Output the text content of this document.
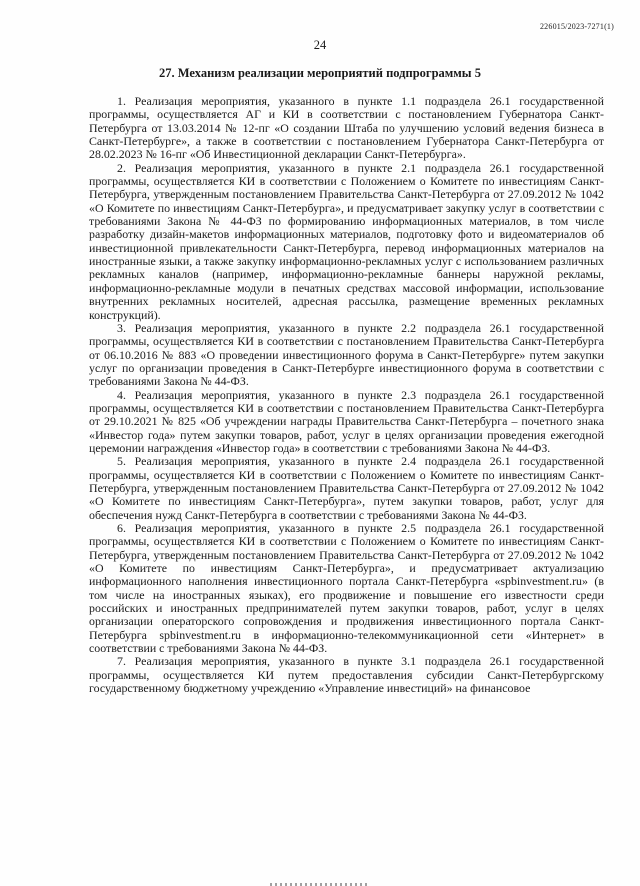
226015/2023-7271(1)
24
27. Механизм реализации мероприятий подпрограммы 5

1. Реализация мероприятия, указанного в пункте 1.1 подраздела 26.1 государственной программы, осуществляется АГ и КИ в соответствии с постановлением Губернатора Санкт-Петербурга от 13.03.2014 № 12-пг «О создании Штаба по улучшению условий ведения бизнеса в Санкт-Петербурге», а также в соответствии с постановлением Губернатора Санкт-Петербурга от 28.02.2023 № 16-пг «Об Инвестиционной декларации Санкт-Петербурга».

2. Реализация мероприятия, указанного в пункте 2.1 подраздела 26.1 государственной программы, осуществляется КИ в соответствии с Положением о Комитете по инвестициям Санкт-Петербурга, утвержденным постановлением Правительства Санкт-Петербурга от 27.09.2012 № 1042 «О Комитете по инвестициям Санкт-Петербурга», и предусматривает закупку услуг в соответствии с требованиями Закона № 44-ФЗ по формированию информационных материалов, в том числе разработку дизайн-макетов информационных материалов, подготовку фото и видеоматериалов об инвестиционной привлекательности Санкт-Петербурга, перевод информационных материалов на иностранные языки, а также закупку информационно-рекламных услуг с использованием различных рекламных каналов (например, информационно-рекламные баннеры наружной рекламы, информационно-рекламные модули в печатных средствах массовой информации, использование внутренних рекламных носителей, адресная рассылка, размещение временных рекламных конструкций).

3. Реализация мероприятия, указанного в пункте 2.2 подраздела 26.1 государственной программы, осуществляется КИ в соответствии с постановлением Правительства Санкт-Петербурга от 06.10.2016 № 883 «О проведении инвестиционного форума в Санкт-Петербурге» путем закупки услуг по организации проведения в Санкт-Петербурге инвестиционного форума в соответствии с требованиями Закона № 44-ФЗ.

4. Реализация мероприятия, указанного в пункте 2.3 подраздела 26.1 государственной программы, осуществляется КИ в соответствии с постановлением Правительства Санкт-Петербурга от 29.10.2021 № 825 «Об учреждении награды Правительства Санкт-Петербурга – почетного знака «Инвестор года» путем закупки товаров, работ, услуг в целях организации проведения ежегодной церемонии награждения «Инвестор года» в соответствии с требованиями Закона № 44-ФЗ.

5. Реализация мероприятия, указанного в пункте 2.4 подраздела 26.1 государственной программы, осуществляется КИ в соответствии с Положением о Комитете по инвестициям Санкт-Петербурга, утвержденным постановлением Правительства Санкт-Петербурга от 27.09.2012 № 1042 «О Комитете по инвестициям Санкт-Петербурга», путем закупки товаров, работ, услуг для обеспечения нужд Санкт-Петербурга в соответствии с требованиями Закона № 44-ФЗ.

6. Реализация мероприятия, указанного в пункте 2.5 подраздела 26.1 государственной программы, осуществляется КИ в соответствии с Положением о Комитете по инвестициям Санкт-Петербурга, утвержденным постановлением Правительства Санкт-Петербурга от 27.09.2012 № 1042 «О Комитете по инвестициям Санкт-Петербурга», и предусматривает актуализацию информационного наполнения инвестиционного портала Санкт-Петербурга «spbinvestment.ru» (в том числе на иностранных языках), его продвижение и повышение его известности среди российских и иностранных предпринимателей путем закупки товаров, работ, услуг в целях организации операторского сопровождения и продвижения инвестиционного портала Санкт-Петербурга spbinvestment.ru в информационно-телекоммуникационной сети «Интернет» в соответствии с требованиями Закона № 44-ФЗ.

7. Реализация мероприятия, указанного в пункте 3.1 подраздела 26.1 государственной программы, осуществляется КИ путем предоставления субсидии Санкт-Петербургскому государственному бюджетному учреждению «Управление инвестиций» на финансовое
